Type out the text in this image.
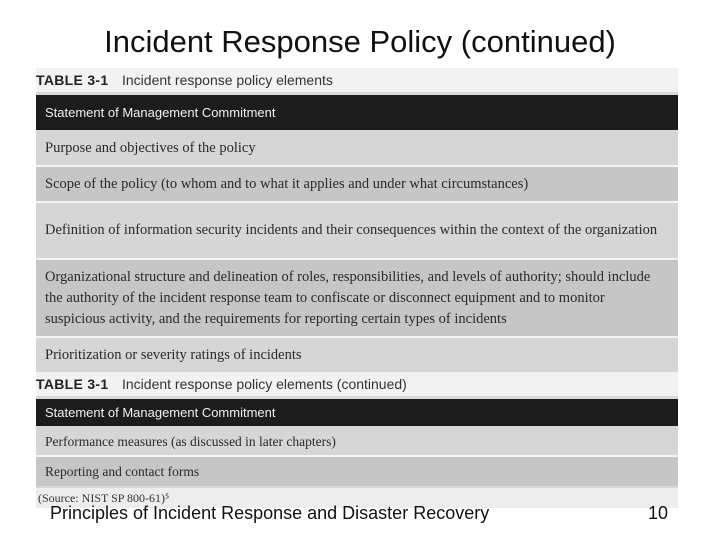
Incident Response Policy (continued)
TABLE 3-1 Incident response policy elements
Statement of Management Commitment
Purpose and objectives of the policy
Scope of the policy (to whom and to what it applies and under what circumstances)
Definition of information security incidents and their consequences within the context of the organization
Organizational structure and delineation of roles, responsibilities, and levels of authority; should include the authority of the incident response team to confiscate or disconnect equipment and to monitor suspicious activity, and the requirements for reporting certain types of incidents
Prioritization or severity ratings of incidents
TABLE 3-1 Incident response policy elements (continued)
Statement of Management Commitment
Performance measures (as discussed in later chapters)
Reporting and contact forms
(Source: NIST SP 800-61)⁵
Principles of Incident Response and Disaster Recovery	10
